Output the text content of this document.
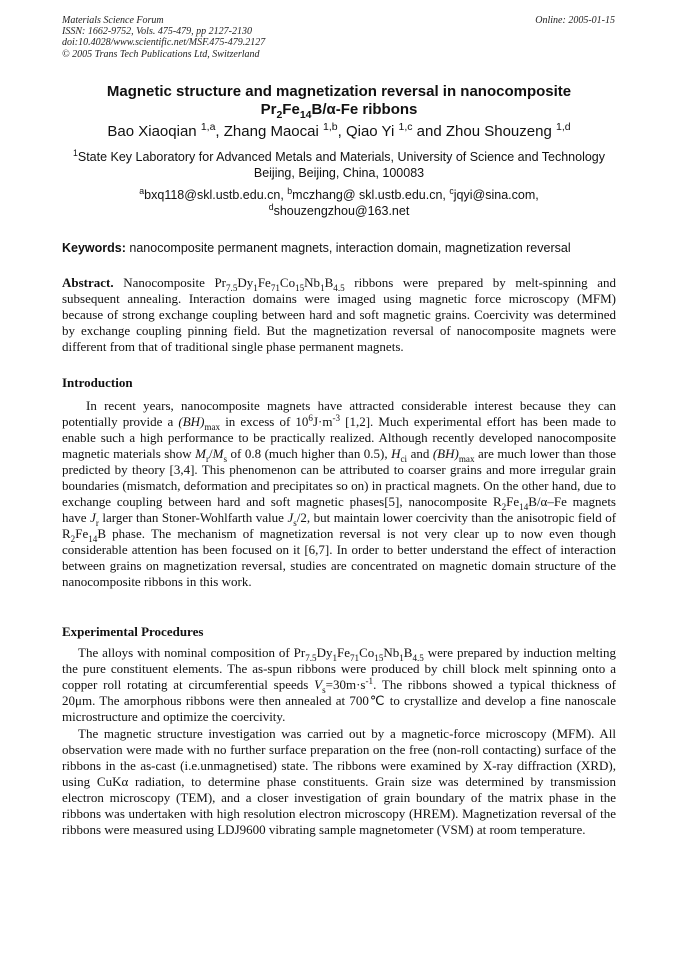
Materials Science Forum
ISSN: 1662-9752, Vols. 475-479, pp 2127-2130
doi:10.4028/www.scientific.net/MSF.475-479.2127
© 2005 Trans Tech Publications Ltd, Switzerland
Online: 2005-01-15
Magnetic structure and magnetization reversal in nanocomposite
$Pr_2Fe_{14}B/\alpha-Fe$ ribbons
Bao Xiaoqian $^{1,a}$, Zhang Maocai $^{1,b}$, Qiao Yi $^{1,c}$ and Zhou Shouzeng $^{1,d}$
$^1$State Key Laboratory for Advanced Metals and Materials, University of Science and Technology Beijing, Beijing, China, 100083
$^a$bxq118@skl.ustb.edu.cn, $^b$mczhang@ skl.ustb.edu.cn, $^c$jqyi@sina.com,
$^d$shouzengzhou@163.net
Keywords: nanocomposite permanent magnets, interaction domain, magnetization reversal
Abstract. Nanocomposite $Pr_{7.5}Dy_1Fe_{71}Co_{15}Nb_1B_{4.5}$ ribbons were prepared by melt-spinning and subsequent annealing. Interaction domains were imaged using magnetic force microscopy (MFM) because of strong exchange coupling between hard and soft magnetic grains. Coercivity was determined by exchange coupling pinning field. But the magnetization reversal of nanocomposite magnets were different from that of traditional single phase permanent magnets.
Introduction
In recent years, nanocomposite magnets have attracted considerable interest because they can potentially provide a $(BH)_{max}$ in excess of $10^6J\cdot m^{-3}$ [1,2]. Much experimental effort has been made to enable such a high performance to be practically realized. Although recently developed nanocomposite magnetic materials show $M_r/M_s$ of 0.8 (much higher than 0.5), $H_{ci}$ and $(BH)_{max}$ are much lower than those predicted by theory [3,4]. This phenomenon can be attributed to coarser grains and more irregular grain boundaries (mismatch, deformation and precipitates so on) in practical magnets. On the other hand, due to exchange coupling between hard and soft magnetic phases[5], nanocomposite $R_2Fe_{14}B/\alpha-Fe$ magnets have $J_r$ larger than Stoner-Wohlfarth value $J_s/2$, but maintain lower coercivity than the anisotropic field of $R_2Fe_{14}B$ phase. The mechanism of magnetization reversal is not very clear up to now even though considerable attention has been focused on it [6,7]. In order to better understand the effect of interaction between grains on magnetization reversal, studies are concentrated on magnetic domain structure of the nanocomposite ribbons in this work.
Experimental Procedures
The alloys with nominal composition of $Pr_{7.5}Dy_1Fe_{71}Co_{15}Nb_1B_{4.5}$ were prepared by induction melting the pure constituent elements. The as-spun ribbons were produced by chill block melt spinning onto a copper roll rotating at circumferential speeds $V_s=30m\cdot s^{-1}$. The ribbons showed a typical thickness of 20μm. The amorphous ribbons were then annealed at 700℃ to crystallize and develop a fine nanoscale microstructure and optimize the coercivity.
The magnetic structure investigation was carried out by a magnetic-force microscopy (MFM). All observation were made with no further surface preparation on the free (non-roll contacting) surface of the ribbons in the as-cast (i.e.unmagnetised) state. The ribbons were examined by X-ray diffraction (XRD), using CuKα radiation, to determine phase constituents. Grain size was determined by transmission electron microscopy (TEM), and a closer investigation of grain boundary of the matrix phase in the ribbons was undertaken with high resolution electron microscopy (HREM). Magnetization reversal of the ribbons were measured using LDJ9600 vibrating sample magnetometer (VSM) at room temperature.
